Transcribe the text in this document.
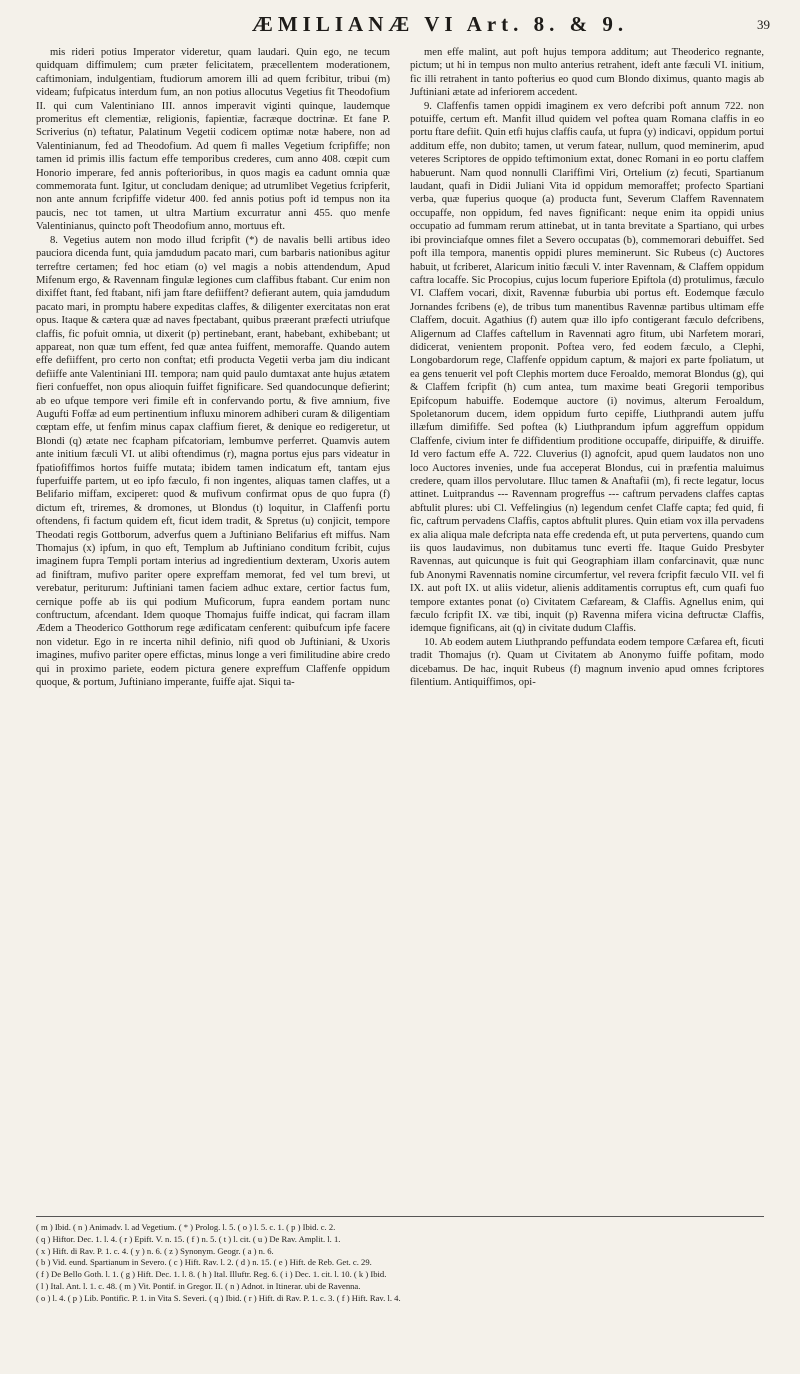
ÆMILIANÆ VI Art. 8. & 9.	39

mis rideri potius Imperator videretur, quam laudari. Quin ego, ne tecum quidquam diffimulem; cum præter felicitatem, præcellentem moderationem, caftimoniam, indulgentiam, ftudiorum amorem illi ad quem fcribitur, tribui (m) videam; fufpicatus interdum fum, an non potius allocutus Vegetius fit Theodofium II. qui cum Valentiniano III. annos imperavit viginti quinque, laudemque promeritus eft clementiæ, religionis, fapientiæ, facræque doctrinæ. Et fane P. Scriverius (n) teftatur, Palatinum Vegetii codicem optimæ notæ habere, non ad Valentinianum, fed ad Theodofium. Ad quem fi malles Vegetium fcripfiffe; non tamen id primis illis factum effe temporibus crederes, cum anno 408. cœpit cum Honorio imperare, fed annis pofterioribus, in quos magis ea cadunt omnia quæ commemorata funt. Igitur, ut concludam denique; ad utrumlibet Vegetius fcripferit, non ante annum fcripfiffe videtur 400. fed annis potius poft id tempus non ita paucis, nec tot tamen, ut ultra Martium excurratur anni 455. quo menfe Valentinianus, quincto poft Theodofium anno, mortuus eft.

8. Vegetius autem non modo illud fcripfit (*) de navalis belli artibus ideo pauciora dicenda funt, quia jamdudum pacato mari, cum barbaris nationibus agitur terreftre certamen; fed hoc etiam (o) vel magis a nobis attendendum, Apud Mifenum ergo, & Ravennam fingulæ legiones cum claffibus ftabant. Cur enim non dixiffet ftant, fed ftabant, nifi jam ftare defiiffent? defierant autem, quia jamdudum pacato mari, in promptu habere expeditas claffes, & diligenter exercitatas non erat opus. Itaque & cætera quæ ad naves fpectabant, quibus præerant præfecti utriufque claffis, fic pofuit omnia, ut dixerit (p) pertinebant, erant, habebant, exhibebant; ut appareat, non quæ tum effent, fed quæ antea fuiffent, memoraffe. Quando autem effe defiiffent, pro certo non conftat; etfi producta Vegetii verba jam diu indicant defiiffe ante Valentiniani III. tempora; nam quid paulo dumtaxat ante hujus ætatem fieri confueffet, non opus alioquin fuiffet fignificare. Sed quandocunque defierint; ab eo ufque tempore veri fimile eft in confervando portu, & five amnium, five Augufti Foffæ ad eum pertinentium influxu minorem adhiberi curam & diligentiam cœptam effe, ut fenfim minus capax claffium fieret, & denique eo redigeretur, ut Blondi (q) ætate nec fcapham pifcatoriam, lembumve perferret. Quamvis autem ante initium fæculi VI. ut alibi oftendimus (r), magna portus ejus pars videatur in fpatiofiffimos hortos fuiffe mutata; ibidem tamen indicatum eft, tantam ejus fuperfuiffe partem, ut eo ipfo fæculo, fi non ingentes, aliquas tamen claffes, ut a Belifario miffam, exciperet: quod & mufivum confirmat opus de quo fupra (f) dictum eft, triremes, & dromones, ut Blondus (t) loquitur, in Claffenfi portu oftendens, fi factum quidem eft, ficut idem tradit, & Spretus (u) conjicit, tempore Theodati regis Gottborum, adverfus quem a Juftiniano Belifarius eft miffus. Nam Thomajus (x) ipfum, in quo eft, Templum ab Juftiniano conditum fcribit, cujus imaginem fupra Templi portam interius ad ingredientium dexteram, Uxoris autem ad finiftram, mufivo pariter opere expreffam memorat, fed vel tum brevi, ut verebatur, periturum: Juftiniani tamen faciem adhuc extare, certior factus fum, cernique poffe ab iis qui podium Muficorum, fupra eandem portam nunc conftructum, afcendant. Idem quoque Thomajus fuiffe indicat, qui facram illam Ædem a Theoderico Gotthorum rege ædificatam cenferent: quibufcum ipfe facere non videtur. Ego in re incerta nihil definio, nifi quod ob Juftiniani, & Uxoris imagines, mufivo pariter opere effictas, minus longe a veri fimilitudine abire credo qui in proximo pariete, eodem pictura genere expreffum Claffenfe oppidum quoque, & portum, Juftiniano imperante, fuiffe ajat. Siqui ta-

men effe malint, aut poft hujus tempora additum; aut Theoderico regnante, pictum; ut hi in tempus non multo anterius retrahent, ideft ante fæculi VI. initium, fic illi retrahent in tanto pofterius eo quod cum Blondo diximus, quanto magis ab Juftiniani ætate ad inferiorem accedent.

9. Claffenfis tamen oppidi imaginem ex vero defcribi poft annum 722. non potuiffe, certum eft. Manfit illud quidem vel poftea quam Romana claffis in eo portu ftare defiit. Quin etfi hujus claffis caufa, ut fupra (y) indicavi, oppidum portui additum effe, non dubito; tamen, ut verum fatear, nullum, quod meminerim, apud veteres Scriptores de oppido teftimonium extat, donec Romani in eo portu claffem habuerunt. Nam quod nonnulli Clariffimi Viri, Ortelium (z) fecuti, Spartianum laudant, quafi in Didii Juliani Vita id oppidum memoraffet; profecto Spartiani verba, quæ fuperius quoque (a) producta funt, Severum Claffem Ravennatem occupaffe, non oppidum, fed naves fignificant: neque enim ita oppidi unius occupatio ad fummam rerum attinebat, ut in tanta brevitate a Spartiano, qui urbes ibi provinciafque omnes filet a Severo occupatas (b), commemorari debuiffet. Sed poft illa tempora, manentis oppidi plures meminerunt. Sic Rubeus (c) Auctores habuit, ut fcriberet, Alaricum initio fæculi V. inter Ravennam, & Claffem oppidum caftra locaffe. Sic Procopius, cujus locum fuperiore Epiftola (d) protulimus, fæculo VI. Claffem vocari, dixit, Ravennæ fuburbia ubi portus eft. Eodemque fæculo Jornandes fcribens (e), de tribus tum manentibus Ravennæ partibus ultimam effe Claffem, docuit. Agathius (f) autem quæ illo ipfo contigerant fæculo defcribens, Aligernum ad Claffes caftellum in Ravennati agro fitum, ubi Narfetem morari, didicerat, venientem proponit. Poftea vero, fed eodem fæculo, a Clephi, Longobardorum rege, Claffenfe oppidum captum, & majori ex parte fpoliatum, ut ea gens tenuerit vel poft Clephis mortem duce Feroaldo, memorat Blondus (g), qui & Claffem fcripfit (h) cum antea, tum maxime beati Gregorii temporibus Epifcopum habuiffe. Eodemque auctore (i) novimus, alterum Feroaldum, Spoletanorum ducem, idem oppidum furto cepiffe, Liuthprandi autem juffu illæfum dimififfe. Sed poftea (k) Liuthprandum ipfum aggreffum oppidum Claffenfe, civium inter fe diffidentium proditione occupaffe, diripuiffe, & diruiffe. Id vero factum effe A. 722. Cluverius (l) agnofcit, apud quem laudatos non uno loco Auctores invenies, unde fua acceperat Blondus, cui in præfentia maluimus credere, quam illos pervolutare. Illuc tamen & Anaftafii (m), fi recte legatur, locus attinet. Luitprandus --- Ravennam progreffus --- caftrum pervadens claffes captas abftulit plures: ubi Cl. Veffelingius (n) legendum cenfet Claffe capta; fed quid, fi fic, caftrum pervadens Claffis, captos abftulit plures. Quin etiam vox illa pervadens ex alia aliqua male defcripta nata effe credenda eft, ut puta pervertens, quando cum iis quos laudavimus, non dubitamus tunc everti ffe. Itaque Guido Presbyter Ravennas, aut quicunque is fuit qui Geographiam illam confarcinavit, quæ nunc fub Anonymi Ravennatis nomine circumfertur, vel revera fcripfit fæculo VII. vel fi IX. aut poft IX. ut aliis videtur, alienis additamentis corruptus eft, cum quafi fuo tempore extantes ponat (o) Civitatem Cæfaream, & Claffis. Agnellus enim, qui fæculo fcripfit IX. væ tibi, inquit (p) Ravenna mifera vicina deftructæ Claffis, idemque fignificans, ait (q) in civitate dudum Claffis.

10. Ab eodem autem Liuthprando peffundata eodem tempore Cæfarea eft, ficuti tradit Thomajus (r). Quam ut Civitatem ab Anonymo fuiffe pofitam, modo dicebamus. De hac, inquit Rubeus (f) magnum invenio apud omnes fcriptores filentium. Antiquiffimos, opi-

( m ) Ibid. ( n ) Animadv. l. ad Vegetium. ( * ) Prolog. l. 5. ( o ) l. 5. c. 1. ( p ) Ibid. c. 2.
( q ) Hiftor. Dec. 1. l. 4. ( r ) Epift. V. n. 15. ( f ) n. 5. ( t ) l. cit. ( u ) De Rav. Amplit. l. 1.
( x ) Hift. di Rav. P. 1. c. 4. ( y ) n. 6. ( z ) Synonym. Geogr. ( a ) n. 6.
( b ) Vid. eund. Spartianum in Severo. ( c ) Hift. Rav. l. 2. ( d ) n. 15. ( e ) Hift. de Reb. Get. c. 29.
( f ) De Bello Goth. l. 1. ( g ) Hift. Dec. 1. l. 8. ( h ) Ital. Illuftr. Reg. 6. ( i ) Dec. 1. cit. l. 10. ( k ) Ibid.
( l ) Ital. Ant. l. 1. c. 48. ( m ) Vit. Pontif. in Gregor. II. ( n ) Adnot. in Itinerar. ubi de Ravenna.
( o ) l. 4. ( p ) Lib. Pontific. P. 1. in Vita S. Severi. ( q ) Ibid. ( r ) Hift. di Rav. P. 1. c. 3. ( f ) Hift. Rav. l. 4.
